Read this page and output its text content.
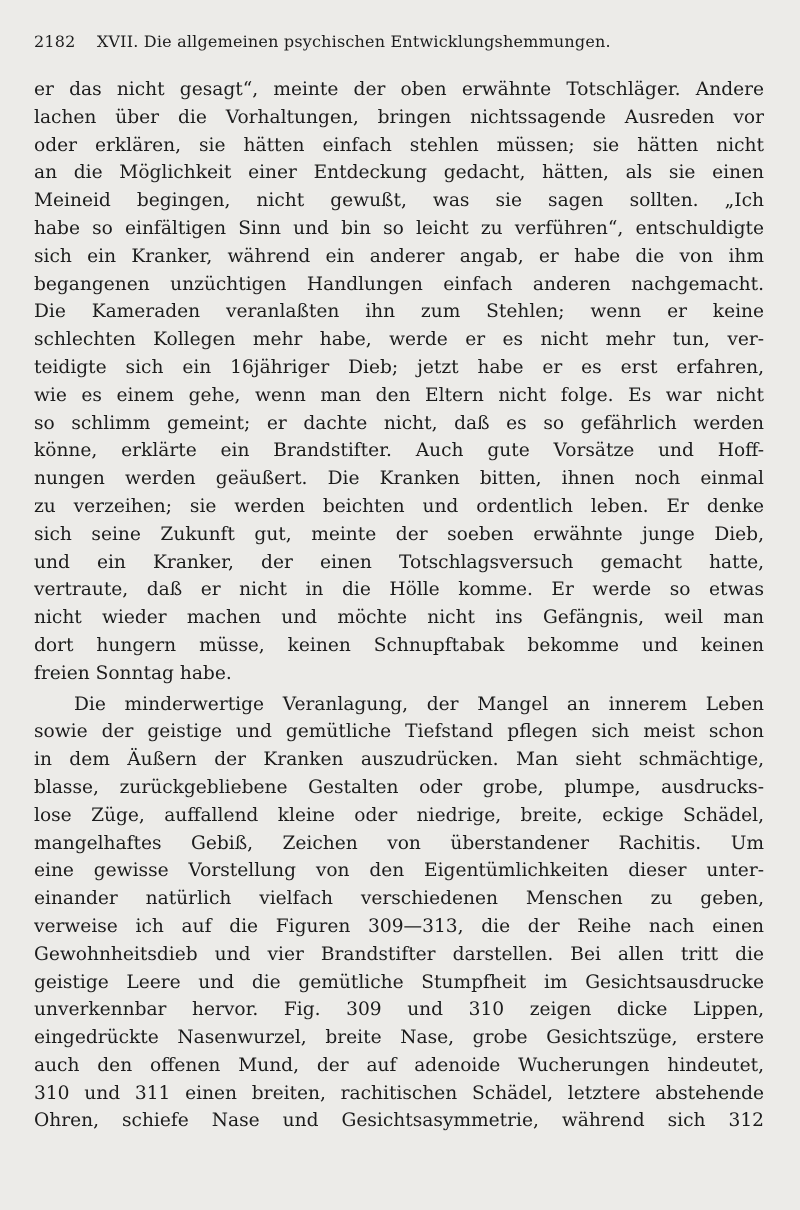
2182 XVII. Die allgemeinen psychischen Entwicklungshemmungen.
er das nicht gesagt“, meinte der oben erwähnte Totschläger. Andere
lachen über die Vorhaltungen, bringen nichtssagende Ausreden vor
oder erklären, sie hätten einfach stehlen müssen; sie hätten nicht
an die Möglichkeit einer Entdeckung gedacht, hätten, als sie einen
Meineid begingen, nicht gewußt, was sie sagen sollten. „Ich
habe so einfältigen Sinn und bin so leicht zu verführen“, entschuldigte
sich ein Kranker, während ein anderer angab, er habe die von ihm
begangenen unzüchtigen Handlungen einfach anderen nachgemacht.
Die Kameraden veranlaßten ihn zum Stehlen; wenn er keine
schlechten Kollegen mehr habe, werde er es nicht mehr tun, ver-
teidigte sich ein 16jähriger Dieb; jetzt habe er es erst erfahren,
wie es einem gehe, wenn man den Eltern nicht folge. Es war nicht
so schlimm gemeint; er dachte nicht, daß es so gefährlich werden
könne, erklärte ein Brandstifter. Auch gute Vorsätze und Hoff-
nungen werden geäußert. Die Kranken bitten, ihnen noch einmal
zu verzeihen; sie werden beichten und ordentlich leben. Er denke
sich seine Zukunft gut, meinte der soeben erwähnte junge Dieb,
und ein Kranker, der einen Totschlagsversuch gemacht hatte,
vertraute, daß er nicht in die Hölle komme. Er werde so etwas
nicht wieder machen und möchte nicht ins Gefängnis, weil man
dort hungern müsse, keinen Schnupftabak bekomme und keinen
freien Sonntag habe.
Die minderwertige Veranlagung, der Mangel an innerem Leben
sowie der geistige und gemütliche Tiefstand pflegen sich meist schon
in dem Äußern der Kranken auszudrücken. Man sieht schmächtige,
blasse, zurückgebliebene Gestalten oder grobe, plumpe, ausdrucks-
lose Züge, auffallend kleine oder niedrige, breite, eckige Schädel,
mangelhaftes Gebiß, Zeichen von überstandener Rachitis. Um
eine gewisse Vorstellung von den Eigentümlichkeiten dieser unter-
einander natürlich vielfach verschiedenen Menschen zu geben,
verweise ich auf die Figuren 309—313, die der Reihe nach einen
Gewohnheitsdieb und vier Brandstifter darstellen. Bei allen tritt die
geistige Leere und die gemütliche Stumpfheit im Gesichtsausdrucke
unverkennbar hervor. Fig. 309 und 310 zeigen dicke Lippen,
eingedrückte Nasenwurzel, breite Nase, grobe Gesichtszüge, erstere
auch den offenen Mund, der auf adenoide Wucherungen hindeutet,
310 und 311 einen breiten, rachitischen Schädel, letztere abstehende
Ohren, schiefe Nase und Gesichtsasymmetrie, während sich 312
